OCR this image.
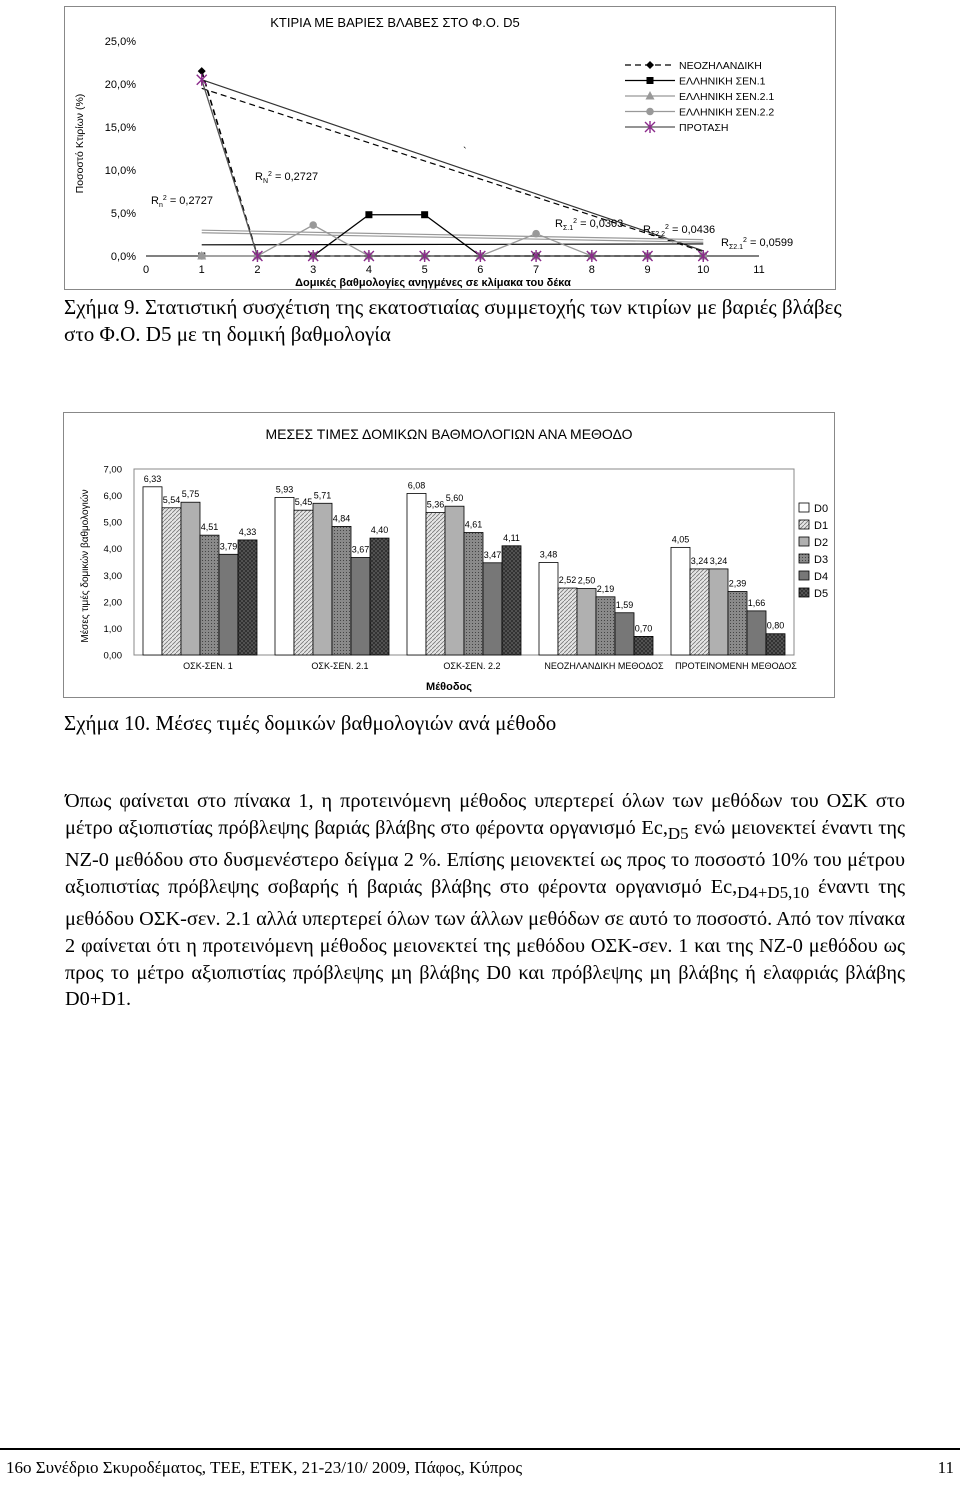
ΚΤΙΡΙΑ ΜΕ ΒΑΡΙΕΣ ΒΛΑΒΕΣ ΣΤΟ Φ.Ο. D5
0,0%
5,0%
10,0%
15,0%
20,0%
25,0%
0	1	2	3	4	5	6	7	8	9	10	11
Δομικές βαθμολογίες ανηγμένες σε κλίμακα του δέκα
Ποσοστό Κτιρίων (%)
ΝΕΟΖΗΛΑΝΔΙΚΗ
ΕΛΛΗΝΙΚΗ ΣΕΝ.1
ΕΛΛΗΝΙΚΗ ΣΕΝ.2.1
ΕΛΛΗΝΙΚΗ ΣΕΝ.2.2
ΠΡΟΤΑΣΗ
$R_n^2 = 0,2727$
$R_N^2 = 0,2727$
$R_{\Sigma.1}^2 = 0,0303$ $R_{\Sigma 2.2}^2 = 0,0436$
$R_{\Sigma 2.1}^2 = 0,0599$
`
Σχήμα 9. Στατιστική συσχέτιση της εκατοστιαίας συμμετοχής των κτιρίων με βαριές βλάβες στο Φ.Ο. D5 με τη δομική βαθμολογία
ΜΕΣΕΣ ΤΙΜΕΣ ΔΟΜΙΚΩΝ ΒΑΘΜΟΛΟΓΙΩΝ ΑΝΑ ΜΕΘΟΔΟ
0,00
1,00
2,00
3,00
4,00
5,00
6,00
7,00
Μέσες τιμές δομικών βαθμολογιών
6,33
5,54
5,75
4,51
3,79
4,33
ΟΣΚ-ΣΕΝ. 1
5,93
5,45
5,71
4,84
3,67
4,40
ΟΣΚ-ΣΕΝ. 2.1
6,08
5,36
5,60
4,61
3,47
4,11
ΟΣΚ-ΣΕΝ. 2.2
3,48
2,52 2,50
2,19
1,59
0,70
ΝΕΟΖΗΛΑΝΔΙΚΗ ΜΕΘΟΔΟΣ
4,05
3,24 3,24
2,39
1,66
0,80
ΠΡΟΤΕΙΝΟΜΕΝΗ ΜΕΘΟΔΟΣ
Μέθοδος
D0
D1
D2
D3
D4
D5
Σχήμα 10. Μέσες τιμές δομικών βαθμολογιών ανά μέθοδο
Όπως φαίνεται στο πίνακα 1, η προτεινόμενη μέθοδος υπερτερεί όλων των μεθόδων του ΟΣΚ στο μέτρο αξιοπιστίας πρόβλεψης βαριάς βλάβης στο φέροντα οργανισμό $Ec,_{D5}$ ενώ μειονεκτεί έναντι της ΝΖ-0 μεθόδου στο δυσμενέστερο δείγμα 2 %. Επίσης μειονεκτεί ως προς το ποσοστό 10% του μέτρου αξιοπιστίας πρόβλεψης σοβαρής ή βαριάς βλάβης στο φέροντα οργανισμό $Ec,_{D4+D5,10}$ έναντι της μεθόδου ΟΣΚ-σεν. 2.1 αλλά υπερτερεί όλων των άλλων μεθόδων σε αυτό το ποσοστό. Από τον πίνακα 2 φαίνεται ότι η προτεινόμενη μέθοδος μειονεκτεί της μεθόδου ΟΣΚ-σεν. 1 και της ΝΖ-0 μεθόδου ως προς το μέτρο αξιοπιστίας πρόβλεψης μη βλάβης D0 και πρόβλεψης μη βλάβης ή ελαφριάς βλάβης D0+D1.
16ο Συνέδριο Σκυροδέματος, ΤΕΕ, ΕΤΕΚ, 21-23/10/ 2009, Πάφος, Κύπρος	11
